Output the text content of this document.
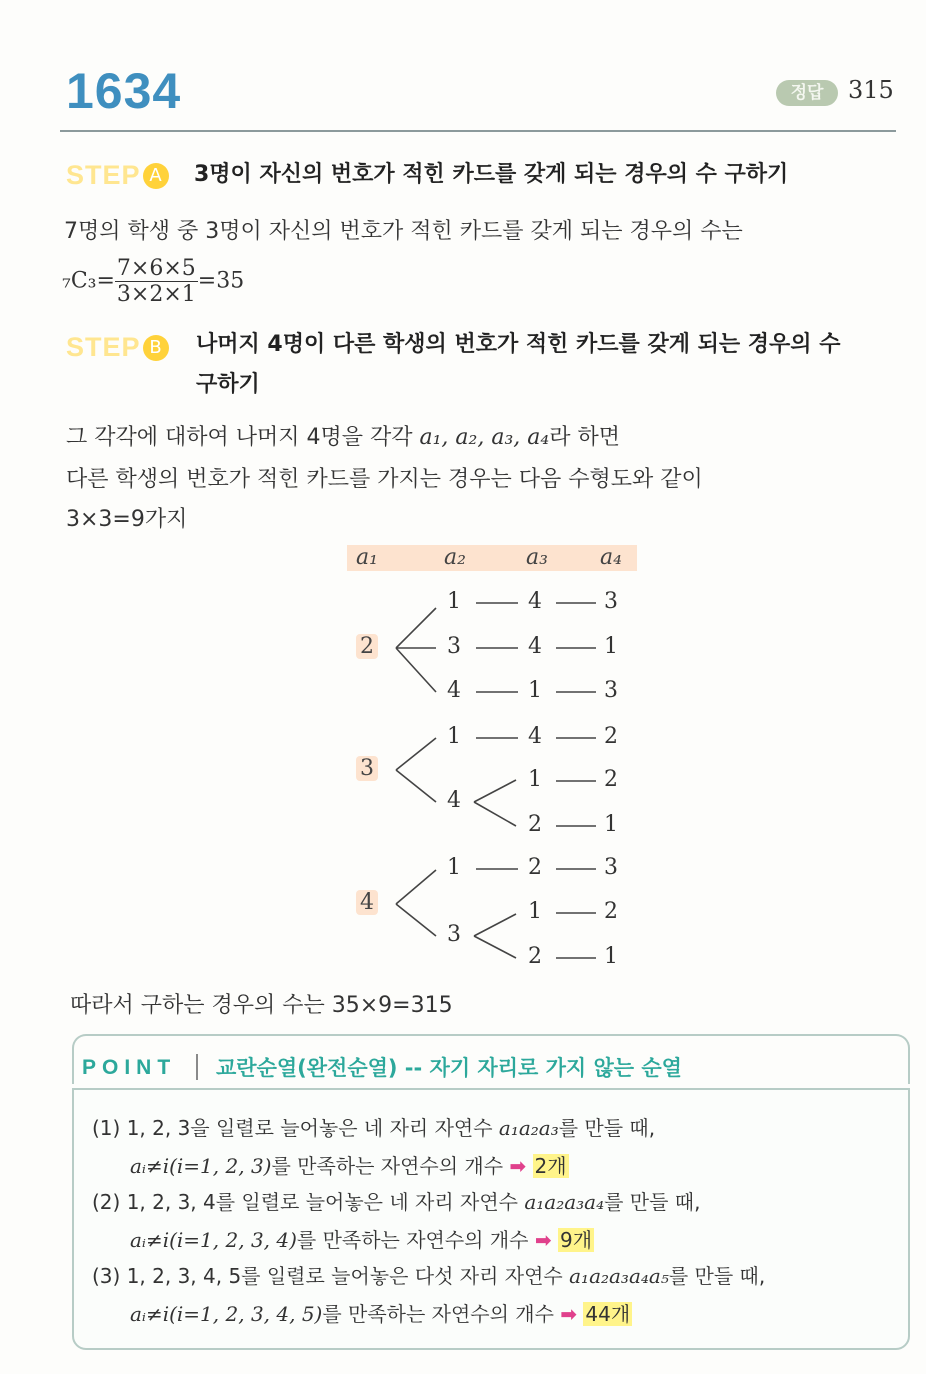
1634	정답	315
STEP A	3명이 자신의 번호가 적힌 카드를 갖게 되는 경우의 수 구하기
7명의 학생 중 3명이 자신의 번호가 적힌 카드를 갖게 되는 경우의 수는
$_7C_3= \frac{7\times 6\times 5}{3\times 2\times 1} =35$
STEP B	나머지 4명이 다른 학생의 번호가 적힌 카드를 갖게 되는 경우의 수
구하기
그 각각에 대하여 나머지 4명을 각각 a₁, a₂, a₃, a₄라 하면
다른 학생의 번호가 적힌 카드를 가지는 경우는 다음 수형도와 같이
3×3=9가지
a₁	a₂	a₃ a₄
2
3
4
1	4	3
3	4	1
4	1	3
1	4	2
4
1	2
2	1
1	2	3
3
1	2
2	1
따라서 구하는 경우의 수는 35×9=315
POINT 교란순열(완전순열) -- 자기 자리로 가지 않는 순열
(1) 1, 2, 3을 일렬로 늘어놓은 네 자리 자연수 a₁a₂a₃를 만들 때,
aᵢ≠i(i=1, 2, 3)를 만족하는 자연수의 개수 ➡ 2개
(2) 1, 2, 3, 4를 일렬로 늘어놓은 네 자리 자연수 a₁a₂a₃a₄를 만들 때,
aᵢ≠i(i=1, 2, 3, 4)를 만족하는 자연수의 개수 ➡ 9개
(3) 1, 2, 3, 4, 5를 일렬로 늘어놓은 다섯 자리 자연수 a₁a₂a₃a₄a₅를 만들 때,
aᵢ≠i(i=1, 2, 3, 4, 5)를 만족하는 자연수의 개수 ➡ 44개
